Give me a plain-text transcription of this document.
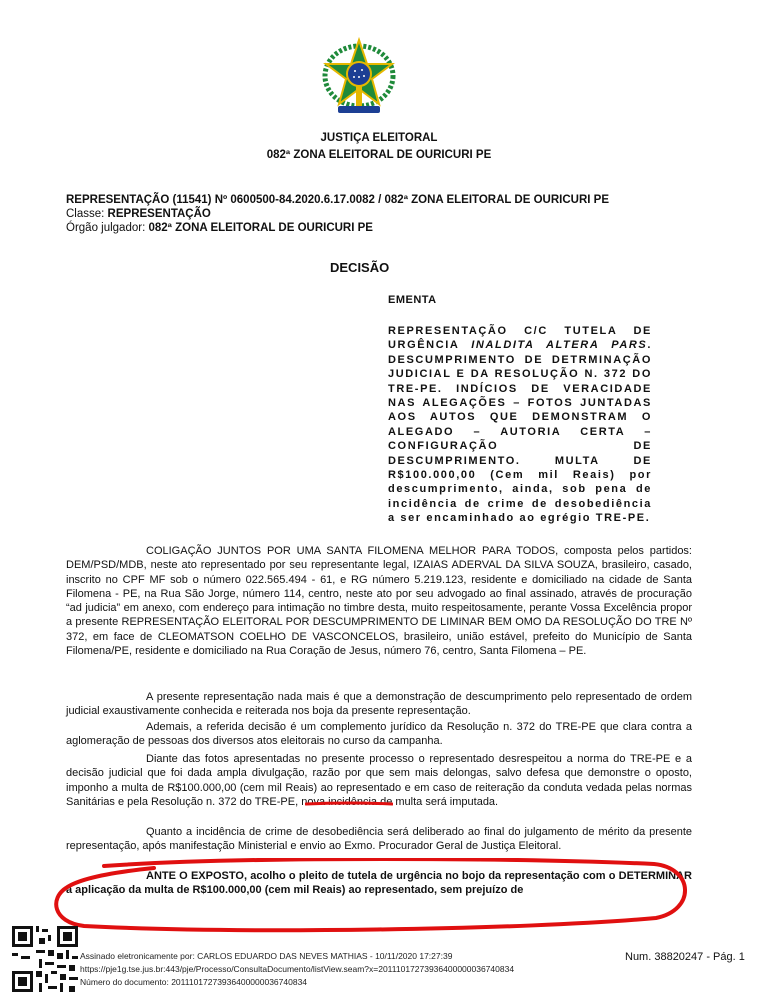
JUSTIÇA ELEITORAL
082ª ZONA ELEITORAL DE OURICURI PE
REPRESENTAÇÃO (11541) Nº 0600500-84.2020.6.17.0082 / 082ª ZONA ELEITORAL DE OURICURI PE
Classe: REPRESENTAÇÃO
Órgão julgador: 082ª ZONA ELEITORAL DE OURICURI PE
DECISÃO
EMENTA
REPRESENTAÇÃO C/C TUTELA DE URGÊNCIA INALDITA ALTERA PARS. DESCUMPRIMENTO DE DETRMINAÇÃO JUDICIAL E DA RESOLUÇÃO N. 372 DO TRE-PE. INDÍCIOS DE VERACIDADE NAS ALEGAÇÕES – FOTOS JUNTADAS AOS AUTOS QUE DEMONSTRAM O ALEGADO – AUTORIA CERTA – CONFIGURAÇÃO DE DESCUMPRIMENTO. MULTA DE R$100.000,00 (Cem mil Reais) por descumprimento, ainda, sob pena de incidência de crime de desobediência a ser encaminhado ao egrégio TRE-PE.
COLIGAÇÃO JUNTOS POR UMA SANTA FILOMENA MELHOR PARA TODOS, composta pelos partidos: DEM/PSD/MDB, neste ato representado por seu representante legal, IZAIAS ADERVAL DA SILVA SOUZA, brasileiro, casado, inscrito no CPF MF sob o número 022.565.494 - 61, e RG número 5.219.123, residente e domiciliado na cidade de Santa Filomena - PE, na Rua São Jorge, número 114, centro, neste ato por seu advogado ao final assinado, através de procuração “ad judicia” em anexo, com endereço para intimação no timbre desta, muito respeitosamente, perante Vossa Excelência propor a presente REPRESENTAÇÃO ELEITORAL POR DESCUMPRIMENTO DE LIMINAR BEM OMO DA RESOLUÇÃO DO TRE Nº 372, em face de CLEOMATSON COELHO DE VASCONCELOS, brasileiro, união estável, prefeito do Município de Santa Filomena/PE, residente e domiciliado na Rua Coração de Jesus, número 76, centro, Santa Filomena – PE.
A presente representação nada mais é que a demonstração de descumprimento pelo representado de ordem judicial exaustivamente conhecida e reiterada nos boja da presente representação.
Ademais, a referida decisão é um complemento jurídico da Resolução n. 372 do TRE-PE que clara contra a aglomeração de pessoas dos diversos atos eleitorais no curso da campanha.
Diante das fotos apresentadas no presente processo o representado desrespeitou a norma do TRE-PE e a decisão judicial que foi dada ampla divulgação, razão por que sem mais delongas, salvo defesa que demonstre o oposto, imponho a multa de R$100.000,00 (cem mil Reais) ao representado e em caso de reiteração da conduta vedada pelas normas Sanitárias e pela Resolução n. 372 do TRE-PE, nova incidência de multa será imputada.
Quanto a incidência de crime de desobediência será deliberado ao final do julgamento de mérito da presente representação, após manifestação Ministerial e envio ao Exmo. Procurador Geral de Justiça Eleitoral.
ANTE O EXPOSTO, acolho o pleito de tutela de urgência no bojo da representação com o DETERMINAR a aplicação da multa de R$100.000,00 (cem mil Reais) ao representado, sem prejuízo de
Assinado eletronicamente por: CARLOS EDUARDO DAS NEVES MATHIAS - 10/11/2020 17:27:39
https://pje1g.tse.jus.br:443/pje/Processo/ConsultaDocumento/listView.seam?x=20111017273936400000036740834
Número do documento: 20111017273936400000036740834
Num. 38820247 - Pág. 1
